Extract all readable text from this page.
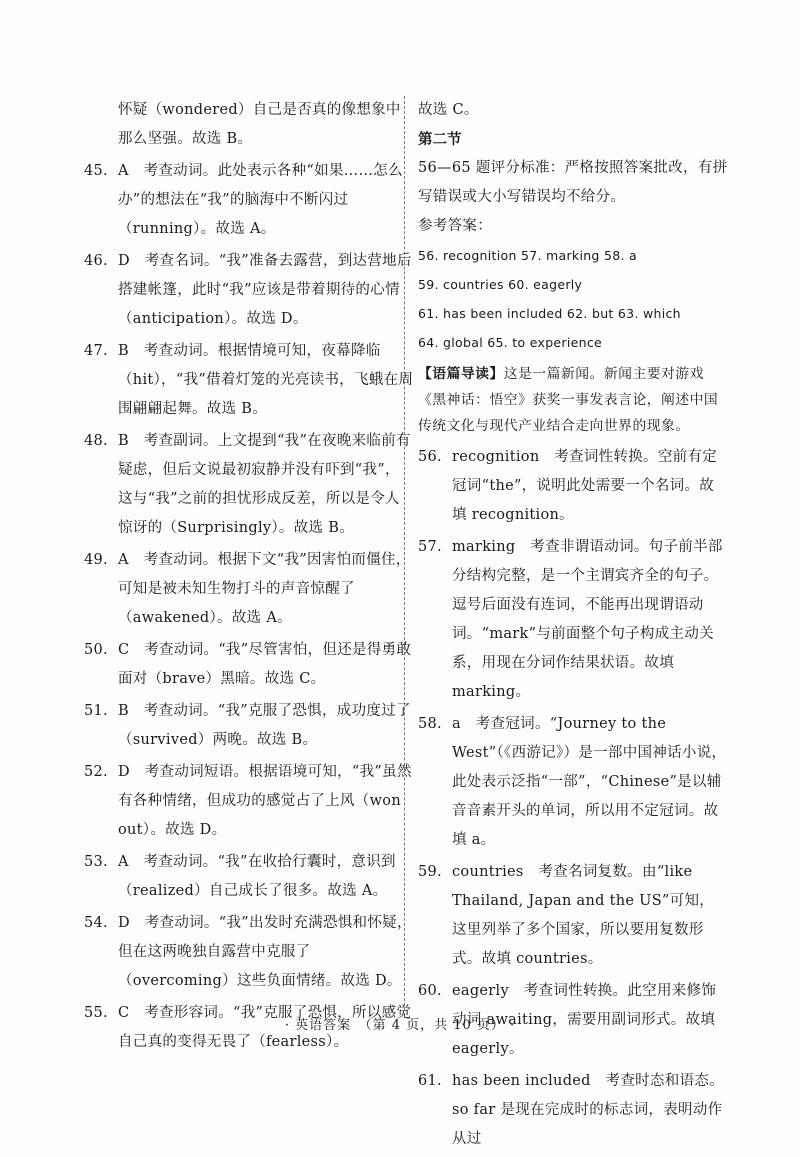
怀疑（wondered）自己是否真的像想象中那么坚强。故选 B。
45. A　考查动词。此处表示各种“如果……怎么办”的想法在“我”的脑海中不断闪过（running）。故选 A。
46. D　考查名词。“我”准备去露营，到达营地后搭建帐篷，此时“我”应该是带着期待的心情（anticipation）。故选 D。
47. B　考查动词。根据情境可知，夜幕降临（hit），“我”借着灯笼的光亮读书，飞蛾在周围翩翩起舞。故选 B。
48. B　考查副词。上文提到“我”在夜晚来临前有疑虑，但后文说最初寂静并没有吓到“我”，这与“我”之前的担忧形成反差，所以是令人惊讶的（Surprisingly）。故选 B。
49. A　考查动词。根据下文“我”因害怕而僵住，可知是被未知生物打斗的声音惊醒了（awakened）。故选 A。
50. C　考查动词。“我”尽管害怕，但还是得勇敢面对（brave）黑暗。故选 C。
51. B　考查动词。“我”克服了恐惧，成功度过了（survived）两晚。故选 B。
52. D　考查动词短语。根据语境可知，“我”虽然有各种情绪，但成功的感觉占了上风（won out）。故选 D。
53. A　考查动词。“我”在收拾行囊时，意识到（realized）自己成长了很多。故选 A。
54. D　考查动词。“我”出发时充满恐惧和怀疑，但在这两晚独自露营中克服了（overcoming）这些负面情绪。故选 D。
55. C　考查形容词。“我”克服了恐惧，所以感觉自己真的变得无畏了（fearless）。
故选 C。
第二节
56—65 题评分标准：严格按照答案批改，有拼写错误或大小写错误均不给分。
参考答案：
56. recognition 57. marking 58. a
59. countries 60. eagerly
61. has been included 62. but 63. which
64. global 65. to experience
【语篇导读】这是一篇新闻。新闻主要对游戏《黑神话：悟空》获奖一事发表言论，阐述中国传统文化与现代产业结合走向世界的现象。
56. recognition　考查词性转换。空前有定冠词“the”，说明此处需要一个名词。故填 recognition。
57. marking　考查非谓语动词。句子前半部分结构完整，是一个主谓宾齐全的句子。逗号后面没有连词，不能再出现谓语动词。“mark”与前面整个句子构成主动关系，用现在分词作结果状语。故填 marking。
58. a　考查冠词。“Journey to the West”（《西游记》）是一部中国神话小说，此处表示泛指“一部”，“Chinese”是以辅音音素开头的单词，所以用不定冠词。故填 a。
59. countries　考查名词复数。由“like Thailand, Japan and the US”可知，这里列举了多个国家，所以要用复数形式。故填 countries。
60. eagerly　考查词性转换。此空用来修饰动词 awaiting，需要用副词形式。故填 eagerly。
61. has been included　考查时态和语态。so far 是现在完成时的标志词，表明动作从过
· 英语答案　（第 4 页，共 10 页） ·
